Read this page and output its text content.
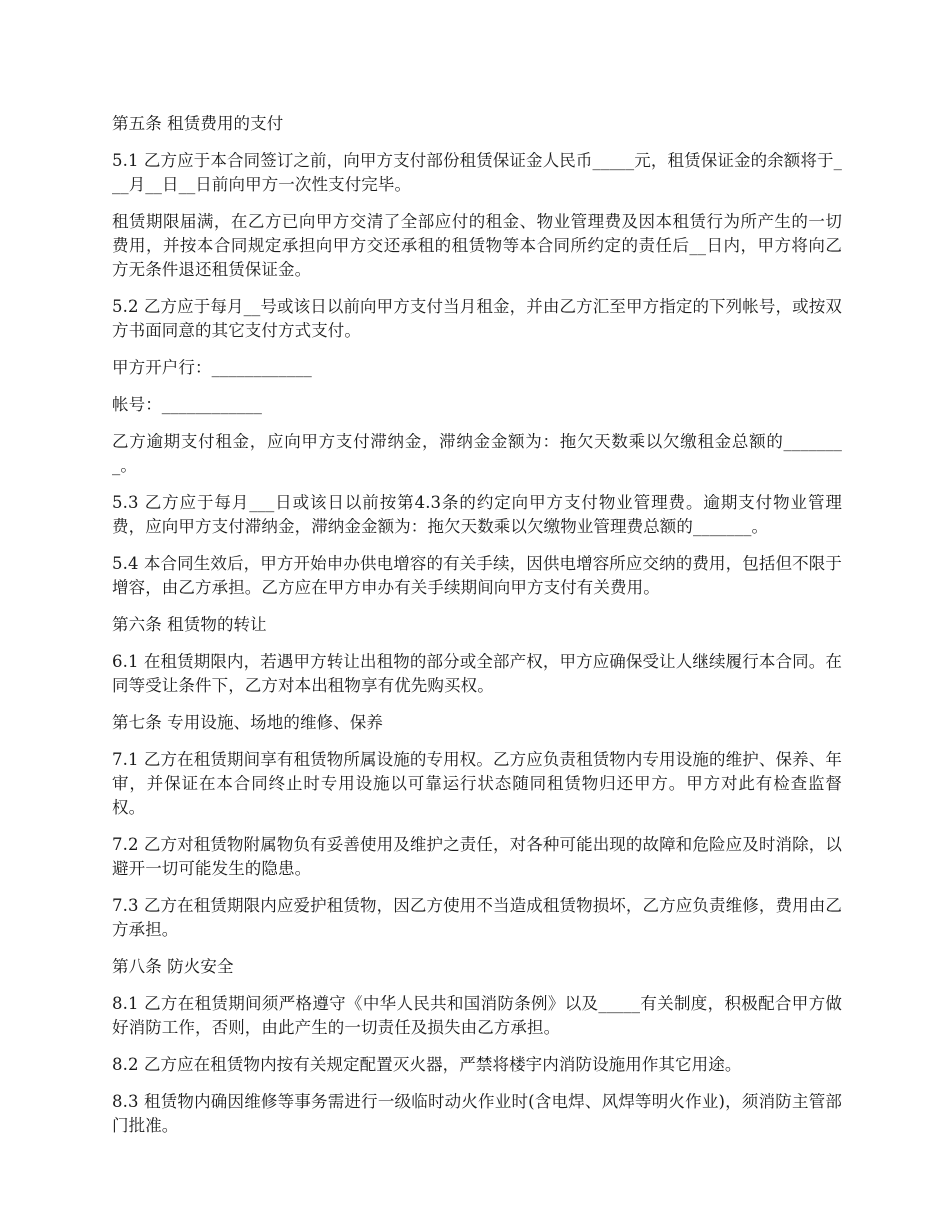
第五条 租赁费用的支付

5.1 乙方应于本合同签订之前，向甲方支付部份租赁保证金人民币_____元，租赁保证金的余额将于___月__日__日前向甲方一次性支付完毕。

租赁期限届满，在乙方已向甲方交清了全部应付的租金、物业管理费及因本租赁行为所产生的一切费用，并按本合同规定承担向甲方交还承租的租赁物等本合同所约定的责任后__日内，甲方将向乙方无条件退还租赁保证金。

5.2 乙方应于每月__号或该日以前向甲方支付当月租金，并由乙方汇至甲方指定的下列帐号，或按双方书面同意的其它支付方式支付。

甲方开户行：____________

帐号：____________

乙方逾期支付租金，应向甲方支付滞纳金，滞纳金金额为：拖欠天数乘以欠缴租金总额的________。

5.3 乙方应于每月___日或该日以前按第4.3条的约定向甲方支付物业管理费。逾期支付物业管理费，应向甲方支付滞纳金，滞纳金金额为：拖欠天数乘以欠缴物业管理费总额的_______。

5.4 本合同生效后，甲方开始申办供电增容的有关手续，因供电增容所应交纳的费用，包括但不限于增容，由乙方承担。乙方应在甲方申办有关手续期间向甲方支付有关费用。

第六条 租赁物的转让

6.1 在租赁期限内，若遇甲方转让出租物的部分或全部产权，甲方应确保受让人继续履行本合同。在同等受让条件下，乙方对本出租物享有优先购买权。

第七条 专用设施、场地的维修、保养

7.1 乙方在租赁期间享有租赁物所属设施的专用权。乙方应负责租赁物内专用设施的维护、保养、年审，并保证在本合同终止时专用设施以可靠运行状态随同租赁物归还甲方。甲方对此有检查监督权。

7.2 乙方对租赁物附属物负有妥善使用及维护之责任，对各种可能出现的故障和危险应及时消除，以避开一切可能发生的隐患。

7.3 乙方在租赁期限内应爱护租赁物，因乙方使用不当造成租赁物损坏，乙方应负责维修，费用由乙方承担。

第八条 防火安全

8.1 乙方在租赁期间须严格遵守《中华人民共和国消防条例》以及_____有关制度，积极配合甲方做好消防工作，否则，由此产生的一切责任及损失由乙方承担。

8.2 乙方应在租赁物内按有关规定配置灭火器，严禁将楼宇内消防设施用作其它用途。

8.3 租赁物内确因维修等事务需进行一级临时动火作业时(含电焊、风焊等明火作业)，须消防主管部门批准。
